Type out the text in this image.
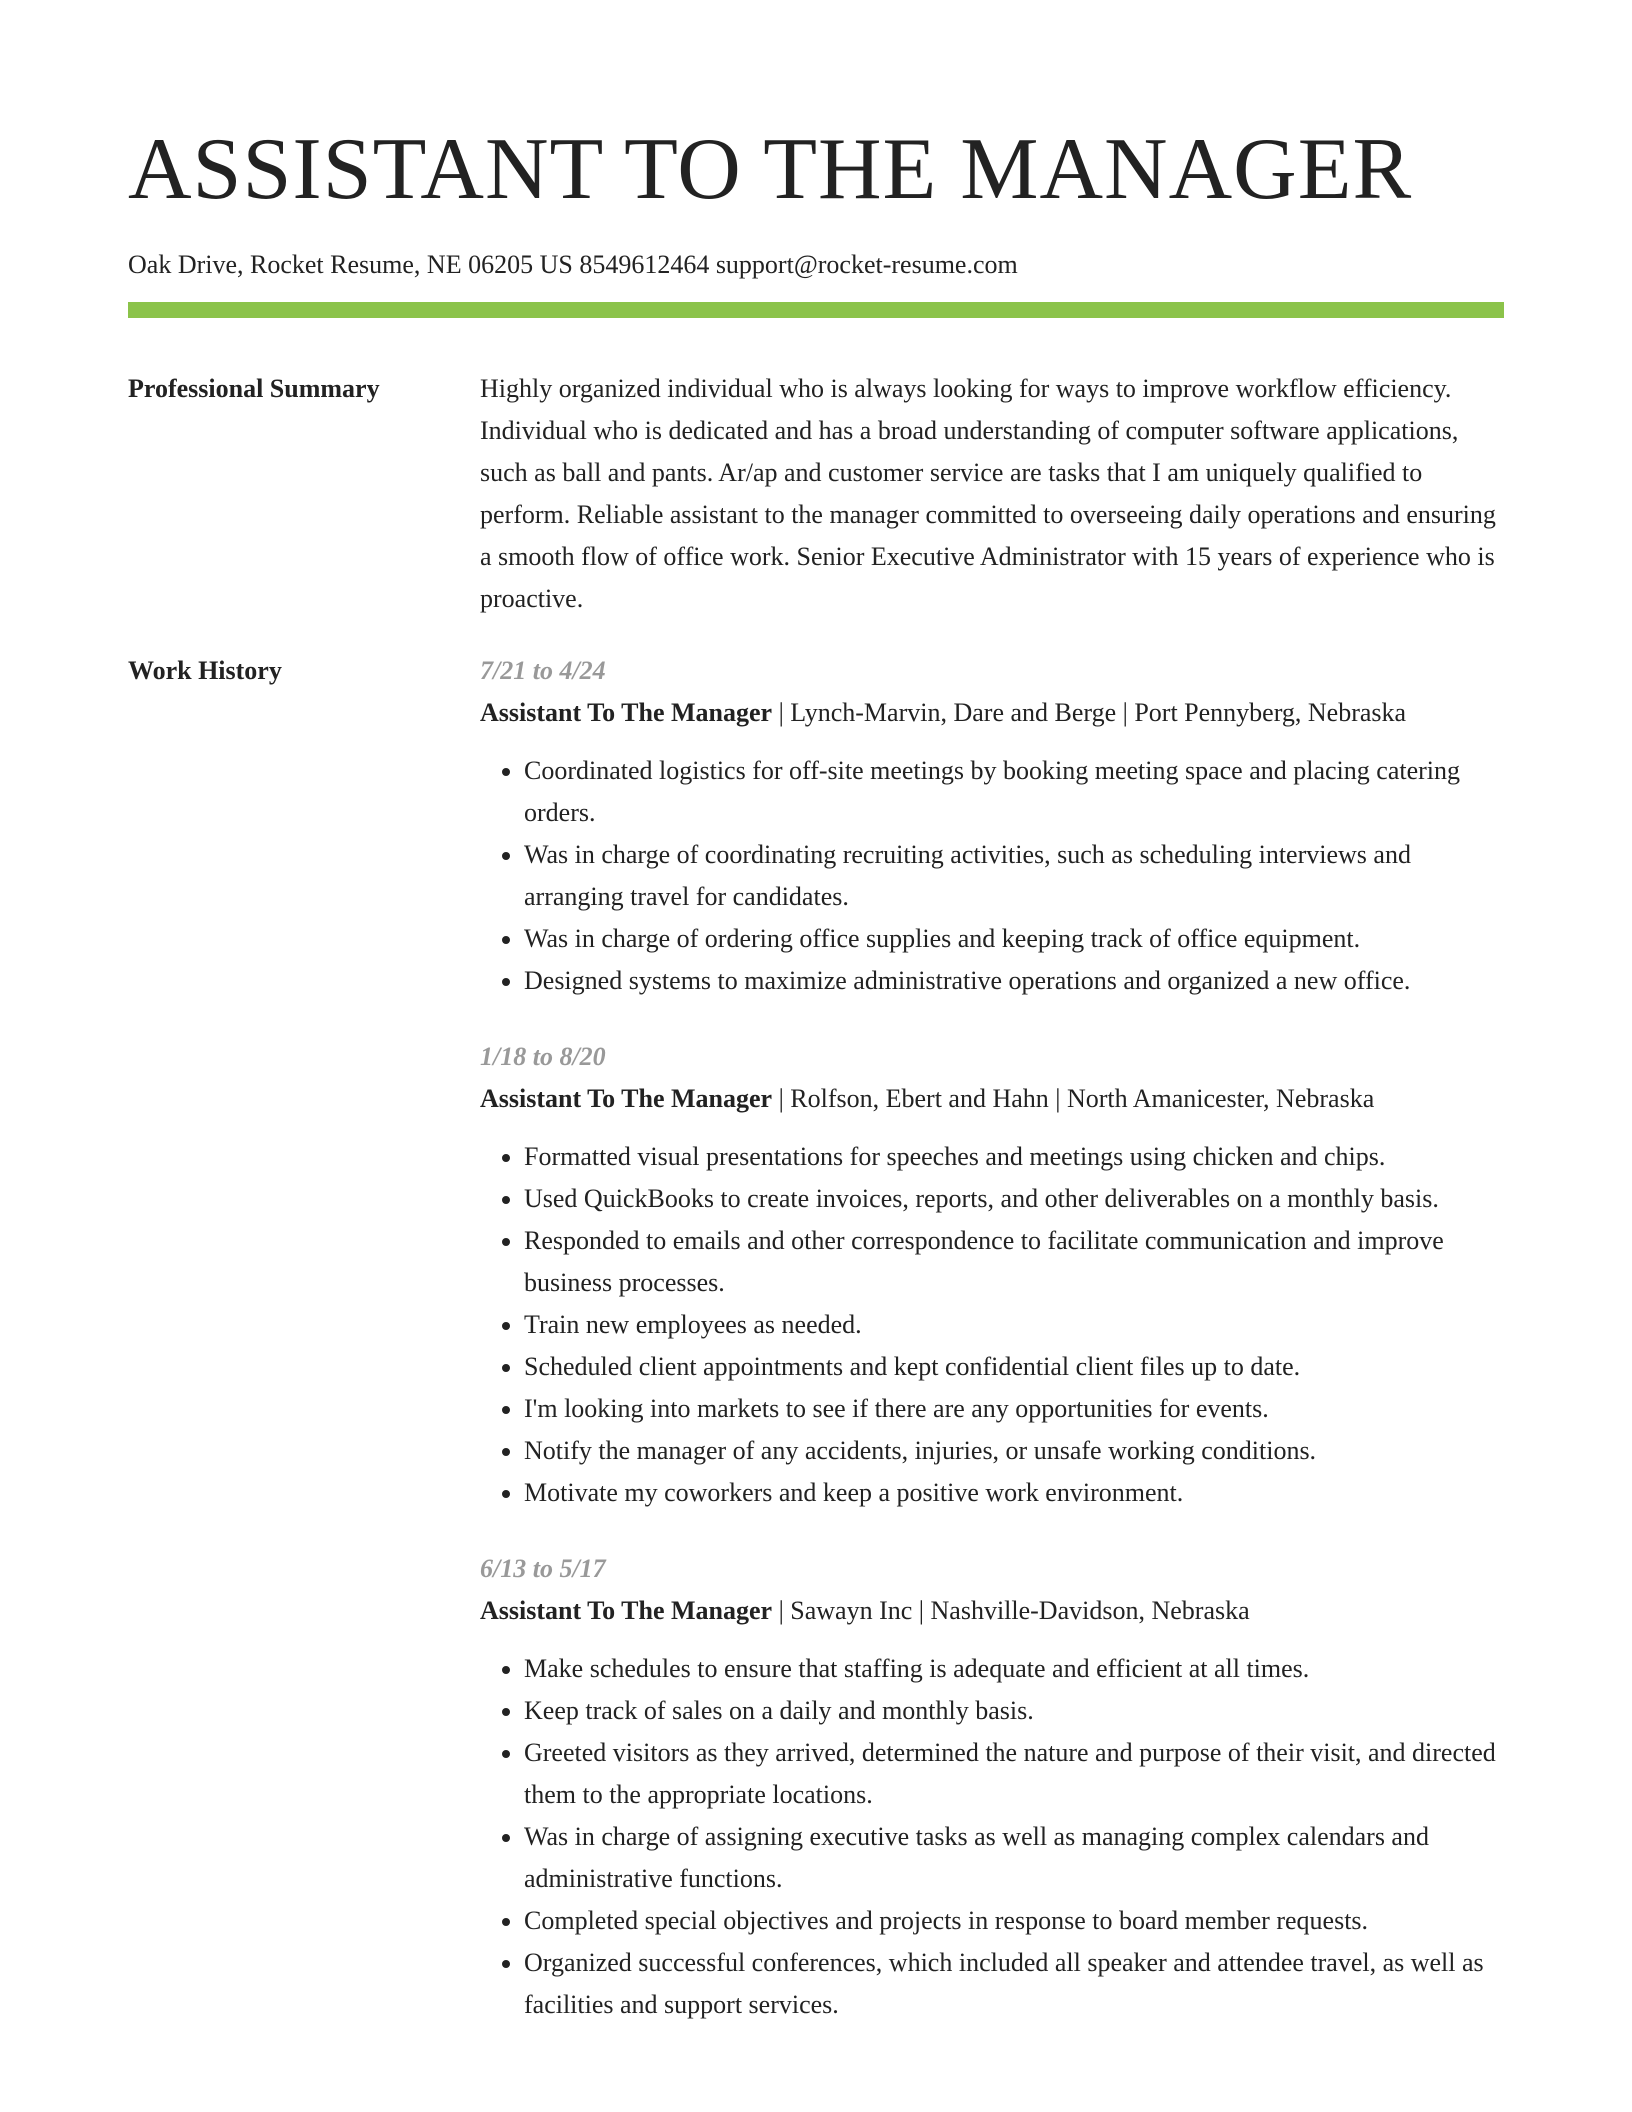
ASSISTANT TO THE MANAGER
Oak Drive, Rocket Resume, NE 06205 US 8549612464 support@rocket-resume.com
Professional Summary	Highly organized individual who is always looking for ways to improve workflow efficiency. Individual who is dedicated and has a broad understanding of computer software applications, such as ball and pants. Ar/ap and customer service are tasks that I am uniquely qualified to perform. Reliable assistant to the manager committed to overseeing daily operations and ensuring a smooth flow of office work. Senior Executive Administrator with 15 years of experience who is proactive.

Work History	7/21 to 4/24
Assistant To The Manager | Lynch-Marvin, Dare and Berge | Port Pennyberg, Nebraska
• Coordinated logistics for off-site meetings by booking meeting space and placing catering orders.
• Was in charge of coordinating recruiting activities, such as scheduling interviews and arranging travel for candidates.
• Was in charge of ordering office supplies and keeping track of office equipment.
• Designed systems to maximize administrative operations and organized a new office.
1/18 to 8/20
Assistant To The Manager | Rolfson, Ebert and Hahn | North Amanicester, Nebraska
• Formatted visual presentations for speeches and meetings using chicken and chips.
• Used QuickBooks to create invoices, reports, and other deliverables on a monthly basis.
• Responded to emails and other correspondence to facilitate communication and improve business processes.
• Train new employees as needed.
• Scheduled client appointments and kept confidential client files up to date.
• I'm looking into markets to see if there are any opportunities for events.
• Notify the manager of any accidents, injuries, or unsafe working conditions.
• Motivate my coworkers and keep a positive work environment.
6/13 to 5/17
Assistant To The Manager | Sawayn Inc | Nashville-Davidson, Nebraska
• Make schedules to ensure that staffing is adequate and efficient at all times.
• Keep track of sales on a daily and monthly basis.
• Greeted visitors as they arrived, determined the nature and purpose of their visit, and directed them to the appropriate locations.
• Was in charge of assigning executive tasks as well as managing complex calendars and administrative functions.
• Completed special objectives and projects in response to board member requests.
• Organized successful conferences, which included all speaker and attendee travel, as well as facilities and support services.
